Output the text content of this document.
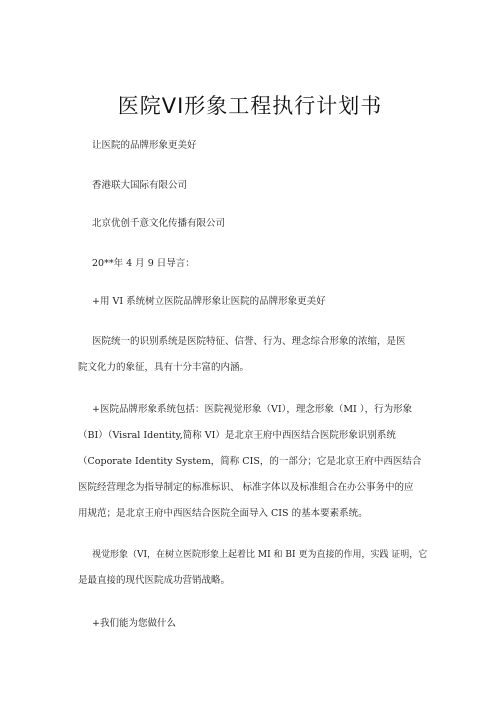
医院VI形象工程执行计划书
让医院的品牌形象更美好
香港联大国际有限公司
北京优创千意文化传播有限公司
20**年 4 月 9 日导言：
+用 VI 系统树立医院品牌形象让医院的品牌形象更美好
医院统一的识别系统是医院特征、信誉、行为、理念综合形象的浓缩，是医
院文化力的象征，具有十分丰富的内涵。
+医院品牌形象系统包括：医院视觉形象（VI），理念形象（MI ），行为形象
（BI）（Visral Identity,简称 VI）是北京王府中西医结合医院形象识别系统
（Coporate Identity System，简称 CIS，的一部分；它是北京王府中西医结合
医院经营理念为指导制定的标准标识、 标准字体以及标准组合在办公事务中的应
用规范；是北京王府中西医结合医院全面导入 CIS 的基本要素系统。
视觉形象（VI，在树立医院形象上起着比 MI 和 BI 更为直接的作用，实践 证明，它
是最直接的现代医院成功营销战略。
+我们能为您做什么
